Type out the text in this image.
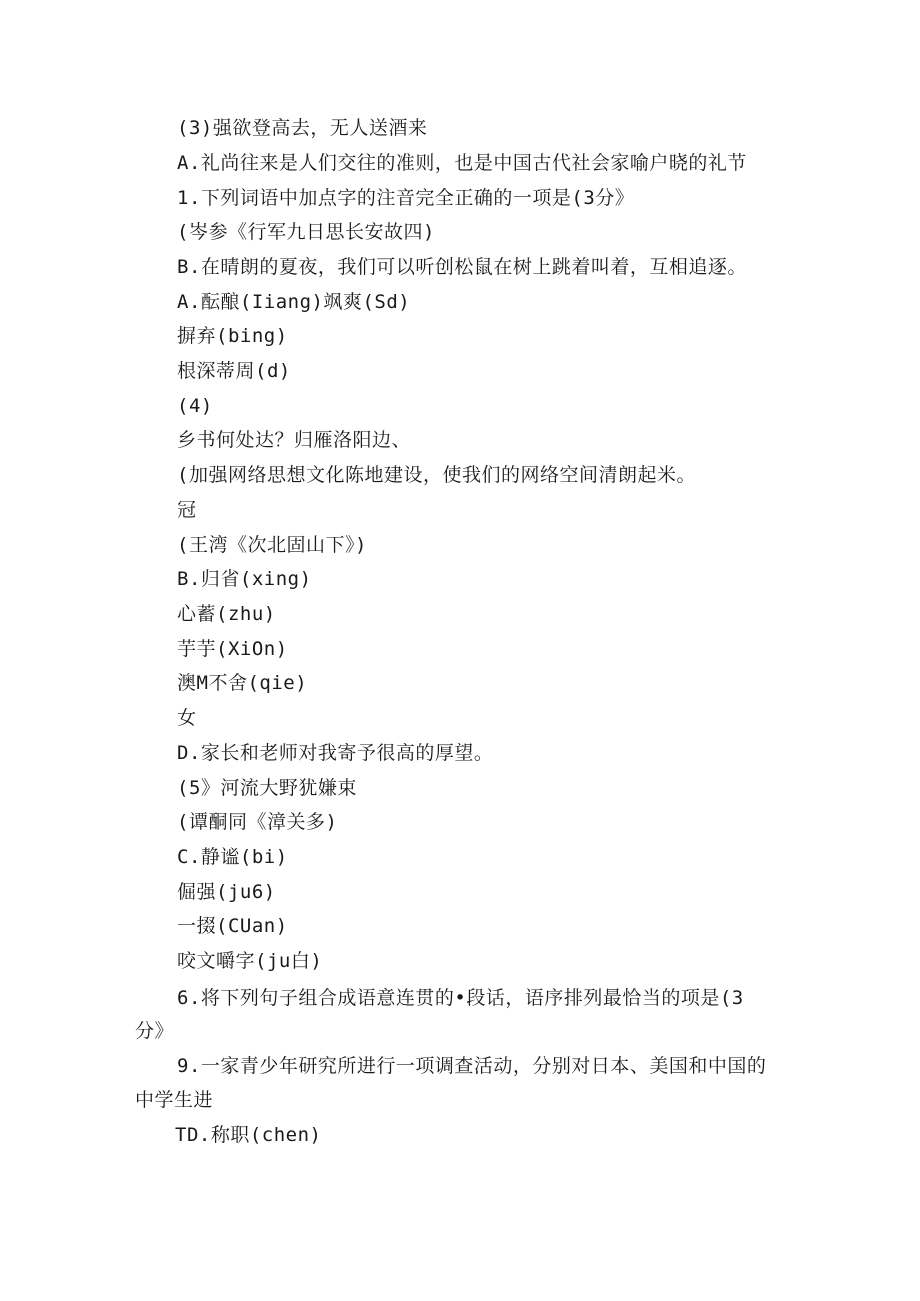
(3)强欲登高去，无人送酒来
A.礼尚往来是人们交往的准则，也是中国古代社会家喻户晓的礼节
1.下列词语中加点字的注音完全正确的一项是(3分》
(岑参《行军九日思长安故四)
B.在晴朗的夏夜，我们可以听创松鼠在树上跳着叫着，互相追逐。
A.酝酿(Iiang)飒爽(Sd)
摒弃(bing)
根深蒂周(d)
(4)
乡书何处达？归雁洛阳边、
(加强网络思想文化陈地建设，使我们的网络空间清朗起米。
冠
(王湾《次北固山下》)
B.归省(xing)
心蓄(zhu)
芋芋(XiOn)
澳M不舍(qie)
女
D.家长和老师对我寄予很高的厚望。
(5》河流大野犹嫌束
(谭酮同《漳关多)
C.静谧(bi)
倔强(ju6)
一掇(CUan)
咬文嚼字(ju白)
6.将下列句子组合成语意连贯的•段话，语序排列最恰当的项是(3
分》
9.一家青少年研究所进行一项调查活动，分别对日本、美国和中国的
中学生进
TD.称职(chen)
